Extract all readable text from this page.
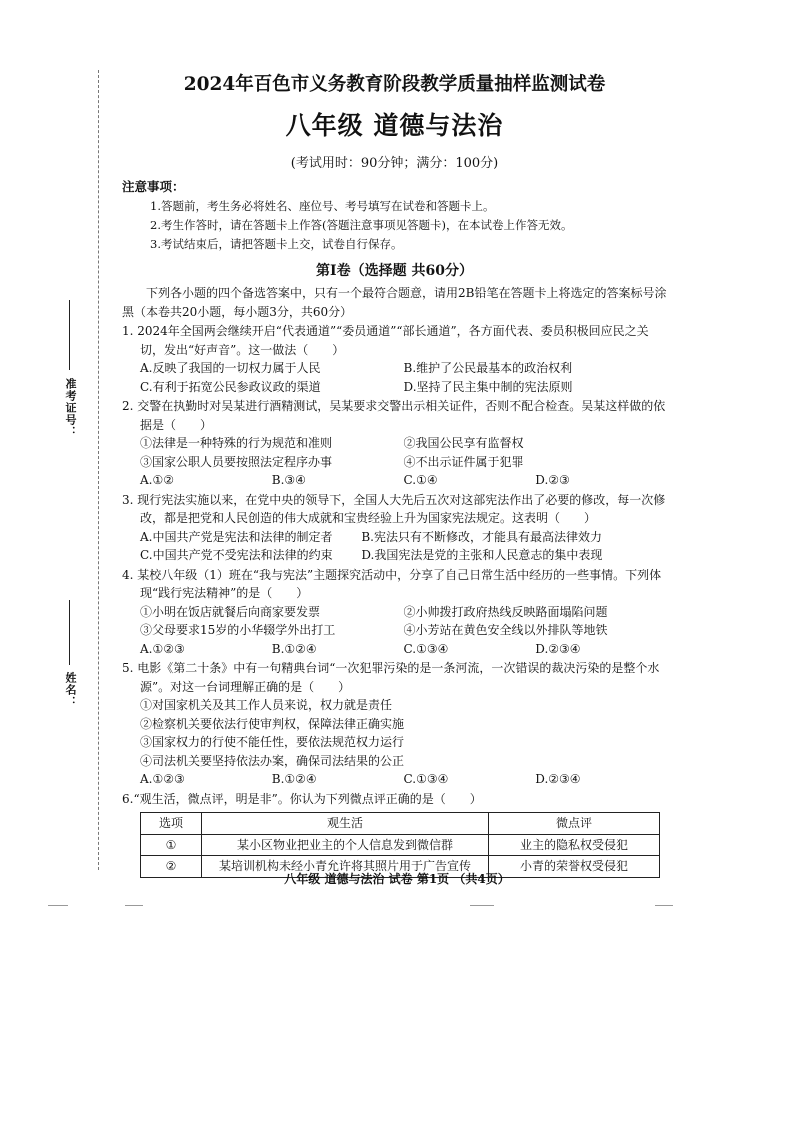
准考证号：
姓名：
2024年百色市义务教育阶段教学质量抽样监测试卷
八年级 道德与法治
(考试用时：90分钟；满分：100分)
注意事项：
1.答题前，考生务必将姓名、座位号、考号填写在试卷和答题卡上。
2.考生作答时，请在答题卡上作答(答题注意事项见答题卡)，在本试卷上作答无效。
3.考试结束后，请把答题卡上交，试卷自行保存。
第Ⅰ卷（选择题 共60分）
下列各小题的四个备选答案中，只有一个最符合题意，请用2B铅笔在答题卡上将选定的答案标号涂黑（本卷共20小题，每小题3分，共60分）
1. 2024年全国两会继续开启“代表通道”“委员通道”“部长通道”，各方面代表、委员积极回应民之关切，发出“好声音”。这一做法（　　）
A.反映了我国的一切权力属于人民	B.维护了公民最基本的政治权利
C.有利于拓宽公民参政议政的渠道	D.坚持了民主集中制的宪法原则
2. 交警在执勤时对吴某进行酒精测试，吴某要求交警出示相关证件，否则不配合检查。吴某这样做的依据是（　　）
①法律是一种特殊的行为规范和准则	②我国公民享有监督权
③国家公职人员要按照法定程序办事	④不出示证件属于犯罪
A.①②	B.③④	C.①④	D.②③
3. 现行宪法实施以来，在党中央的领导下，全国人大先后五次对这部宪法作出了必要的修改，每一次修改，都是把党和人民创造的伟大成就和宝贵经验上升为国家宪法规定。这表明（　　）
A.中国共产党是宪法和法律的制定者	B.宪法只有不断修改，才能具有最高法律效力
C.中国共产党不受宪法和法律的约束	D.我国宪法是党的主张和人民意志的集中表现
4. 某校八年级（1）班在“我与宪法”主题探究活动中，分享了自己日常生活中经历的一些事情。下列体现“践行宪法精神”的是（　　）
①小明在饭店就餐后向商家要发票	②小帅拨打政府热线反映路面塌陷问题
③父母要求15岁的小华辍学外出打工	④小芳站在黄色安全线以外排队等地铁
A.①②③	B.①②④	C.①③④	D.②③④
5. 电影《第二十条》中有一句精典台词“一次犯罪污染的是一条河流，一次错误的裁决污染的是整个水源”。对这一台词理解正确的是（　　）
①对国家机关及其工作人员来说，权力就是责任
②检察机关要依法行使审判权，保障法律正确实施
③国家权力的行使不能任性，要依法规范权力运行
④司法机关要坚持依法办案，确保司法结果的公正
A.①②③	B.①②④	C.①③④	D.②③④
6.“观生活，微点评，明是非”。你认为下列微点评正确的是（　　）
选项	观生活	微点评
①	某小区物业把业主的个人信息发到微信群	业主的隐私权受侵犯
②	某培训机构未经小青允许将其照片用于广告宣传	小青的荣誉权受侵犯
八年级 道德与法治 试卷 第1页 （共4页）
